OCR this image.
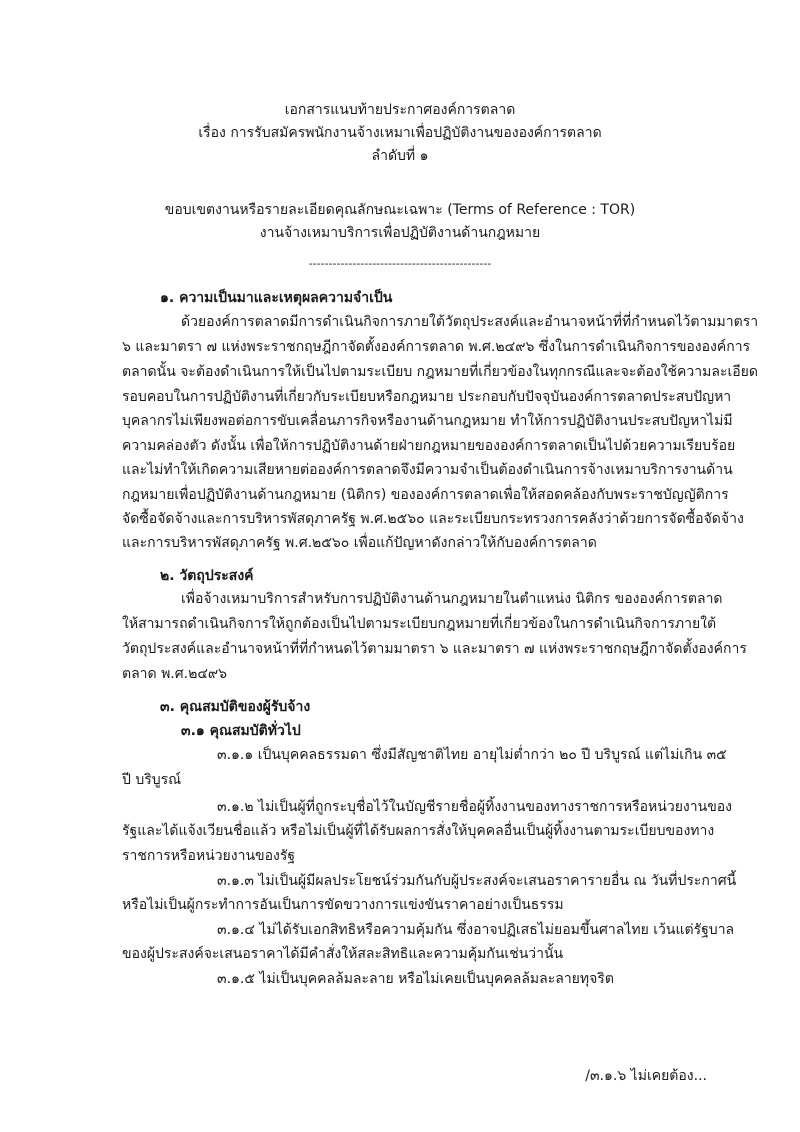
เอกสารแนบท้ายประกาศองค์การตลาด
เรื่อง การรับสมัครพนักงานจ้างเหมาเพื่อปฏิบัติงานขององค์การตลาด
ลำดับที่ ๑
ขอบเขตงานหรือรายละเอียดคุณลักษณะเฉพาะ (Terms of Reference : TOR)
งานจ้างเหมาบริการเพื่อปฏิบัติงานด้านกฎหมาย
----------------------------------------------
๑. ความเป็นมาและเหตุผลความจำเป็น
ด้วยองค์การตลาดมีการดำเนินกิจการภายใต้วัตถุประสงค์และอำนาจหน้าที่ที่กำหนดไว้ตามมาตรา
๖ และมาตรา ๗ แห่งพระราชกฤษฎีกาจัดตั้งองค์การตลาด พ.ศ.๒๔๙๖ ซึ่งในการดำเนินกิจการขององค์การ
ตลาดนั้น จะต้องดำเนินการให้เป็นไปตามระเบียบ กฎหมายที่เกี่ยวข้องในทุกกรณีและจะต้องใช้ความละเอียด
รอบคอบในการปฏิบัติงานที่เกี่ยวกับระเบียบหรือกฎหมาย ประกอบกับปัจจุบันองค์การตลาดประสบปัญหา
บุคลากรไม่เพียงพอต่อการขับเคลื่อนภารกิจหรืองานด้านกฎหมาย ทำให้การปฏิบัติงานประสบปัญหาไม่มี
ความคล่องตัว ดังนั้น เพื่อให้การปฏิบัติงานด้ายฝ่ายกฎหมายขององค์การตลาดเป็นไปด้วยความเรียบร้อย
และไม่ทำให้เกิดความเสียหายต่อองค์การตลาดจึงมีความจำเป็นต้องดำเนินการจ้างเหมาบริการงานด้าน
กฎหมายเพื่อปฏิบัติงานด้านกฎหมาย (นิติกร) ขององค์การตลาดเพื่อให้สอดคล้องกับพระราชบัญญัติการ
จัดซื้อจัดจ้างและการบริหารพัสดุภาครัฐ พ.ศ.๒๕๖๐ และระเบียบกระทรวงการคลังว่าด้วยการจัดซื้อจัดจ้าง
และการบริหารพัสดุภาครัฐ พ.ศ.๒๕๖๐ เพื่อแก้ปัญหาดังกล่าวให้กับองค์การตลาด
๒. วัตถุประสงค์
เพื่อจ้างเหมาบริการสำหรับการปฏิบัติงานด้านกฎหมายในตำแหน่ง นิติกร ขององค์การตลาด
ให้สามารถดำเนินกิจการให้ถูกต้องเป็นไปตามระเบียบกฎหมายที่เกี่ยวข้องในการดำเนินกิจการภายใต้
วัตถุประสงค์และอำนาจหน้าที่ที่กำหนดไว้ตามมาตรา ๖ และมาตรา ๗ แห่งพระราชกฤษฎีกาจัดตั้งองค์การ
ตลาด พ.ศ.๒๔๙๖
๓. คุณสมบัติของผู้รับจ้าง
๓.๑ คุณสมบัติทั่วไป
๓.๑.๑ เป็นบุคคลธรรมดา ซึ่งมีสัญชาติไทย อายุไม่ต่ำกว่า ๒๐ ปี บริบูรณ์ แต่ไม่เกิน ๓๕
ปี บริบูรณ์
๓.๑.๒ ไม่เป็นผู้ที่ถูกระบุชื่อไว้ในบัญชีรายชื่อผู้ทิ้งงานของทางราชการหรือหน่วยงานของ
รัฐและได้แจ้งเวียนชื่อแล้ว หรือไม่เป็นผู้ที่ได้รับผลการสั่งให้บุคคลอื่นเป็นผู้ทิ้งงานตามระเบียบของทาง
ราชการหรือหน่วยงานของรัฐ
๓.๑.๓ ไม่เป็นผู้มีผลประโยชน์ร่วมกันกับผู้ประสงค์จะเสนอราคารายอื่น ณ วันที่ประกาศนี้
หรือไม่เป็นผู้กระทำการอันเป็นการขัดขวางการแข่งขันราคาอย่างเป็นธรรม
๓.๑.๔ ไม่ได้รับเอกสิทธิหรือความคุ้มกัน ซึ่งอาจปฏิเสธไม่ยอมขึ้นศาลไทย เว้นแต่รัฐบาล
ของผู้ประสงค์จะเสนอราคาได้มีคำสั่งให้สละสิทธิและความคุ้มกันเช่นว่านั้น
๓.๑.๕ ไม่เป็นบุคคลล้มละลาย หรือไม่เคยเป็นบุคคลล้มละลายทุจริต
/๓.๑.๖ ไม่เคยต้อง...
